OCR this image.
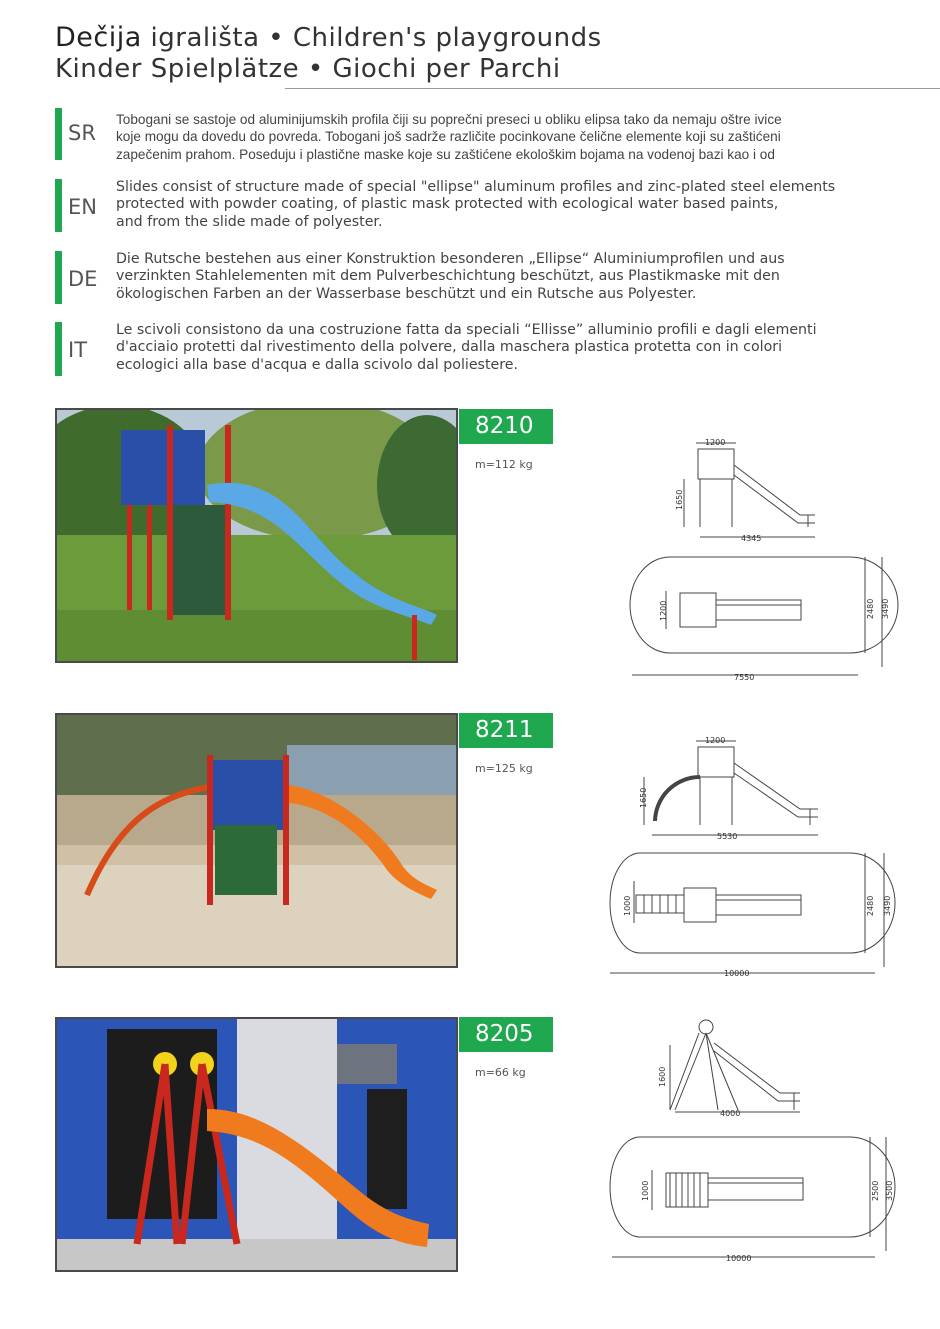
Dečija igrališta • Children's playgrounds
Kinder Spielplätze • Giochi per Parchi
SR
Tobogani se sastoje od aluminijumskih profila čiji su poprečni preseci u obliku elipsa tako da nemaju oštre ivice
koje mogu da dovedu do povreda. Tobogani još sadrže različite pocinkovane čelične elemente koji su zaštićeni
zapečenim prahom. Poseduju i plastične maske koje su zaštićene ekološkim bojama na vodenoj bazi kao i od
EN
Slides consist of structure made of special "ellipse" aluminum profiles and zinc-plated steel elements
protected with powder coating, of plastic mask protected with ecological water based paints,
and from the slide made of polyester.
DE
Die Rutsche bestehen aus einer Konstruktion besonderen „Ellipse“ Aluminiumprofilen und aus
verzinkten Stahlelementen mit dem Pulverbeschichtung beschützt, aus Plastikmaske mit den
ökologischen Farben an der Wasserbase beschützt und ein Rutsche aus Polyester.
IT
Le scivoli consistono da una costruzione fatta da speciali “Ellisse” alluminio profili e dagli elementi
d'acciaio protetti dal rivestimento della polvere, dalla maschera plastica protetta con in colori
ecologici alla base d'acqua e dalla scivolo dal poliestere.
8210
m=112 kg
1200
1650
4345
1200	2480 3490
7550
8211
m=125 kg
1200
1650
5530
1000	2480 3490
10000
8205
m=66 kg	1600
4000
1000	2500 3500
10000
